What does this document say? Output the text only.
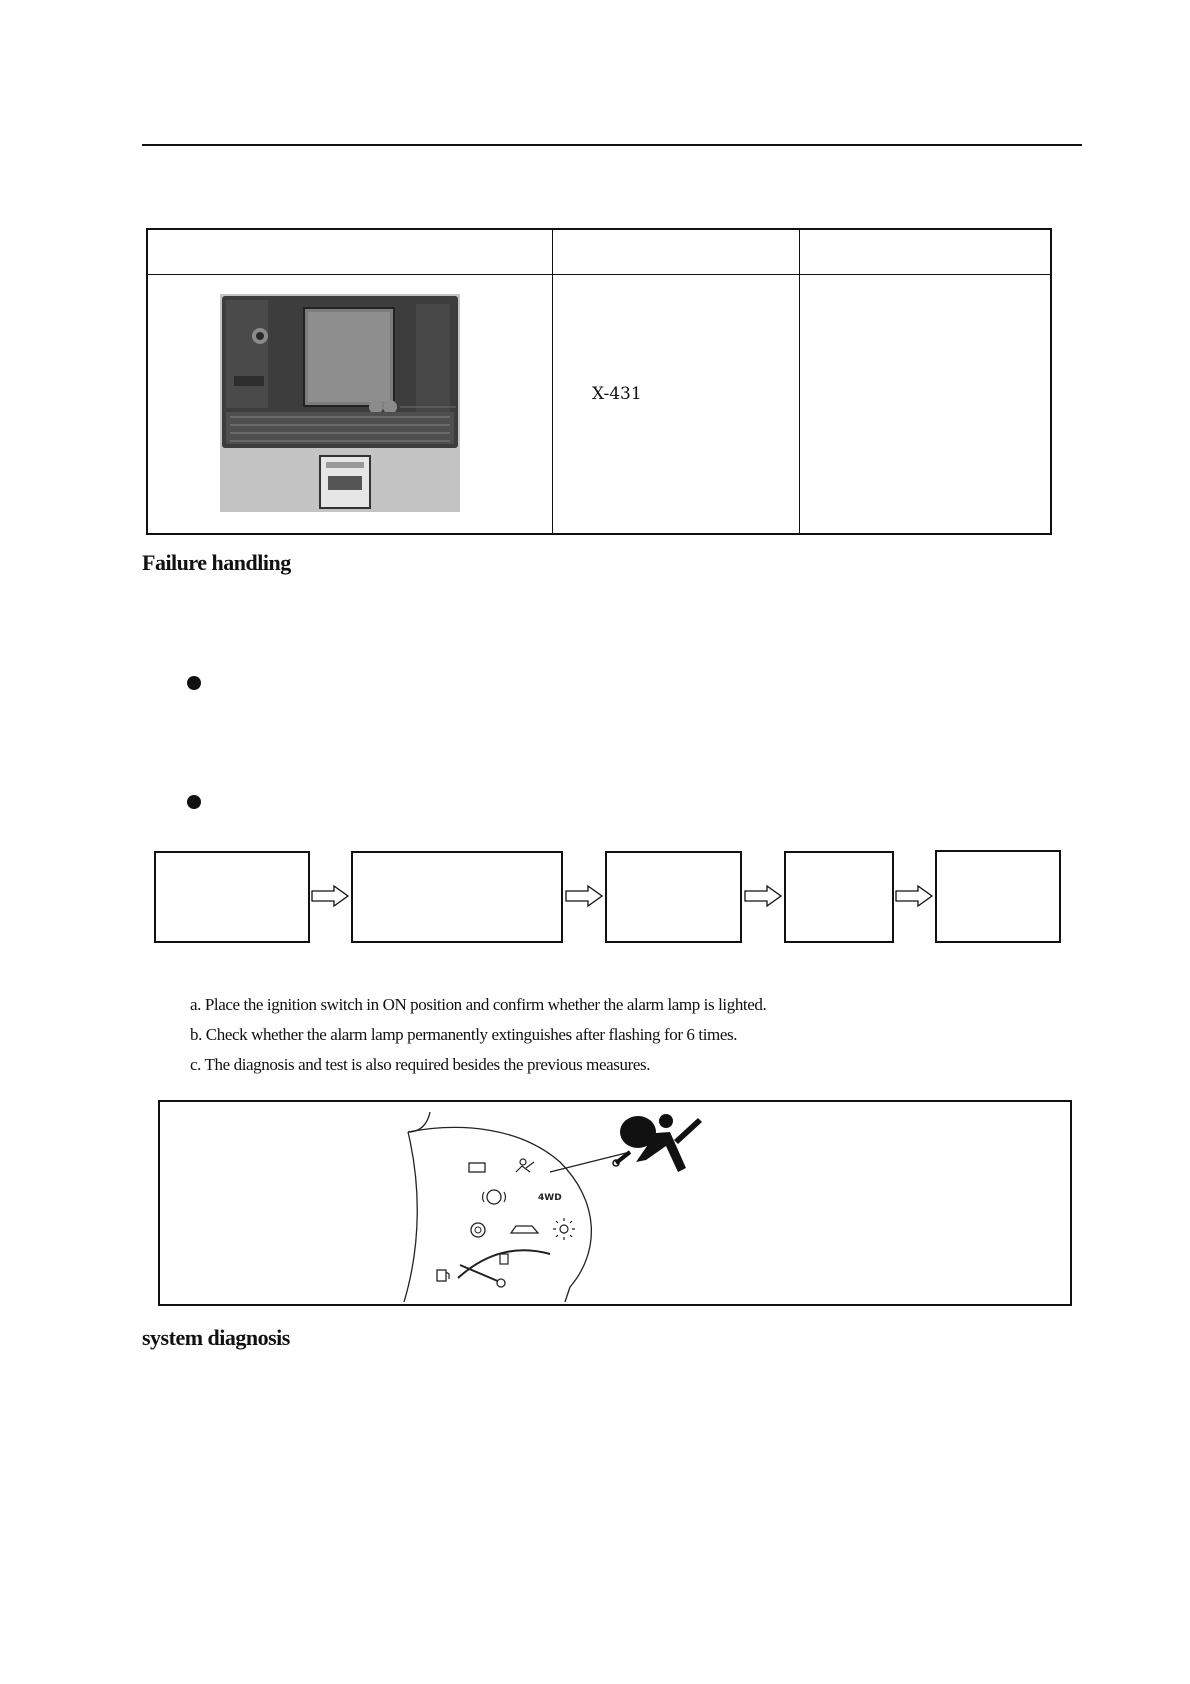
X-431
Failure handling
a. Place the ignition switch in ON position and confirm whether the alarm lamp is lighted.
b. Check whether the alarm lamp permanently extinguishes after flashing for 6 times.
c. The diagnosis and test is also required besides the previous measures.
4WD
system diagnosis
